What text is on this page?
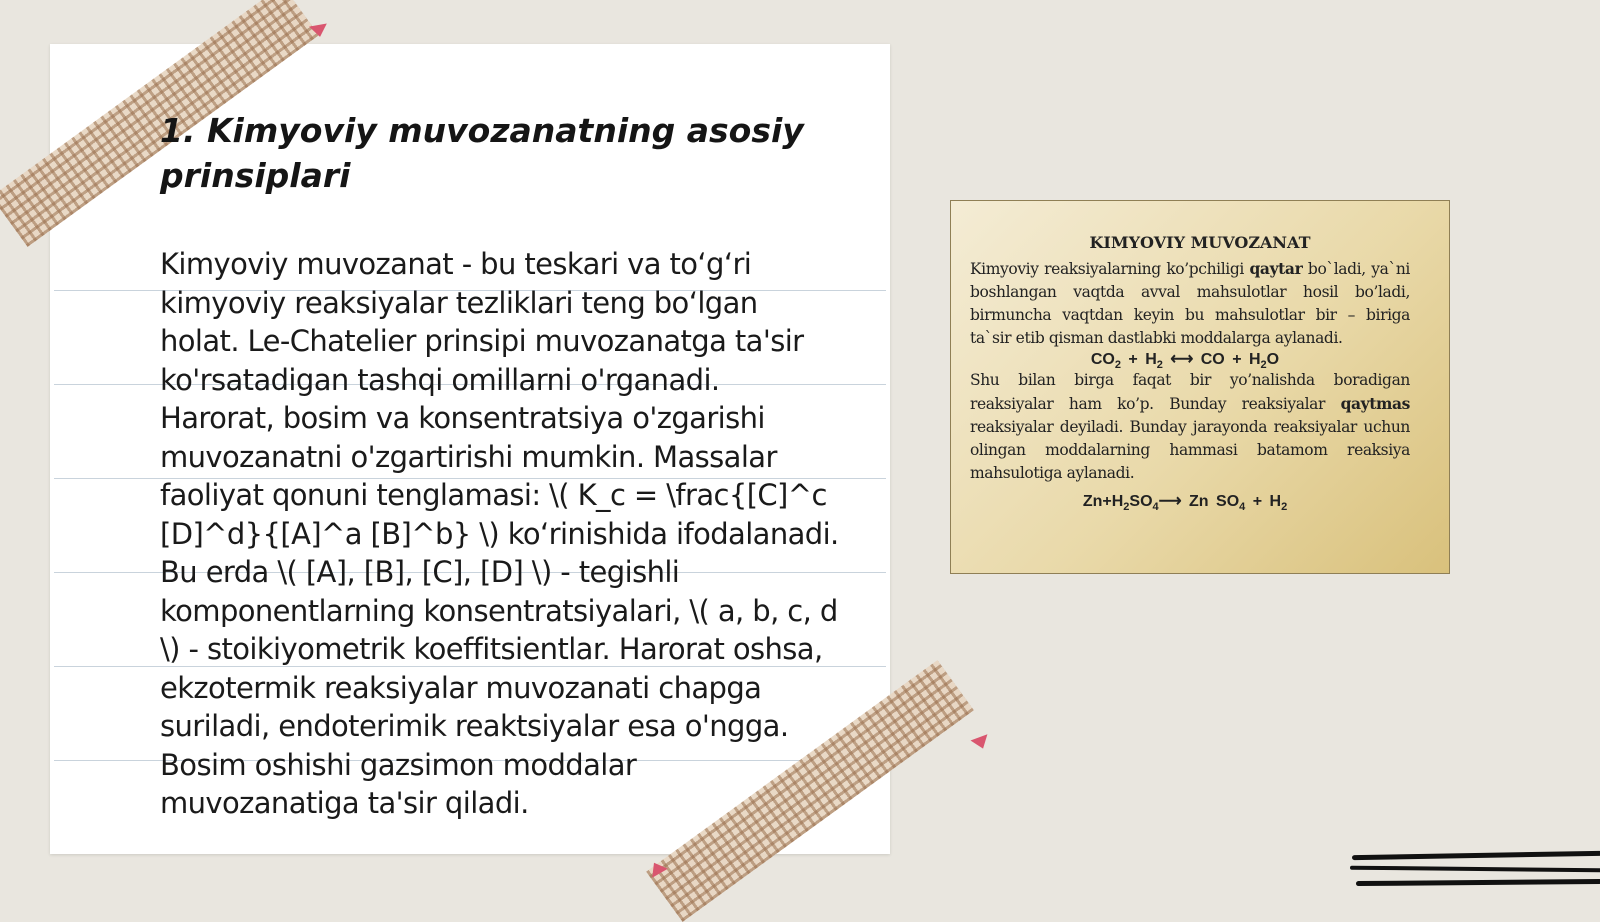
1. Kimyoviy muvozanatning asosiy prinsiplari

Kimyoviy muvozanat - bu teskari va to‘g‘ri kimyoviy reaksiyalar tezliklari teng bo‘lgan holat. Le-Chatelier prinsipi muvozanatga ta'sir ko'rsatadigan tashqi omillarni o'rganadi. Harorat, bosim va konsentratsiya o'zgarishi muvozanatni o'zgartirishi mumkin. Massalar faoliyat qonuni tenglamasi: \( K_c = \frac{[C]^c [D]^d}{[A]^a [B]^b} \) ko‘rinishida ifodalanadi. Bu erda \( [A], [B], [C], [D] \) - tegishli komponentlarning konsentratsiyalari, \( a, b, c, d \) - stoikiyometrik koeffitsientlar. Harorat oshsa, ekzotermik reaksiyalar muvozanati chapga suriladi, endoterimik reaktsiyalar esa o'ngga. Bosim oshishi gazsimon moddalar muvozanatiga ta'sir qiladi.

KIMYOVIY MUVOZANAT
Kimyoviy reaksiyalarning ko’pchiligi qaytar bo`ladi, ya`ni boshlangan vaqtda avval mahsulotlar hosil bo’ladi, birmuncha vaqtdan keyin bu mahsulotlar bir – biriga ta`sir etib qisman dastlabki moddalarga aylanadi.
$CO_2 + H_2$ ⟷ CO + $H_2O$
Shu bilan birga faqat bir yo’nalishda boradigan reaksiyalar ham ko’p. Bunday reaksiyalar qaytmas reaksiyalar deyiladi. Bunday jarayonda reaksiyalar uchun olingan moddalarning hammasi batamom reaksiya mahsulotiga aylanadi.
$Zn+H_2SO_4⟶$ Zn $SO_4 + H_2$
